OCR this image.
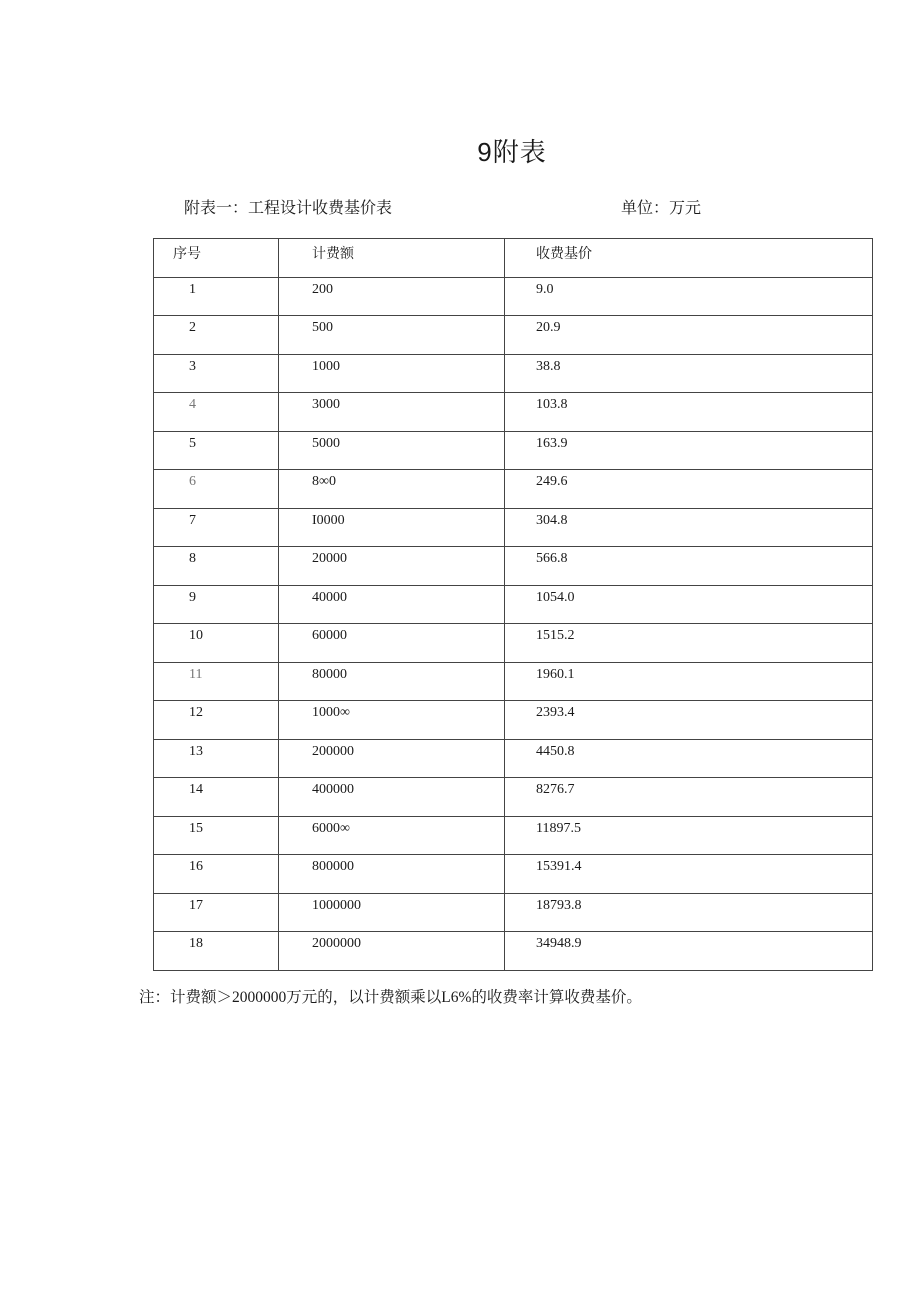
9附表
附表一：工程设计收费基价表	单位：万元
序号	计费额	收费基价

1	200	9.0

2	500	20.9

3	1000	38.8

4	3000	103.8

5	5000	163.9

6	8∞0	249.6

7	I0000	304.8

8	20000	566.8

9	40000	1054.0

10	60000	1515.2

11	80000	1960.1

12	1000∞	2393.4

13	200000	4450.8

14	400000	8276.7

15	6000∞	11897.5

16	800000	15391.4

17	1000000	18793.8

18	2000000	34948.9
注：计费额＞2000000万元的，以计费额乘以L6%的收费率计算收费基价。
